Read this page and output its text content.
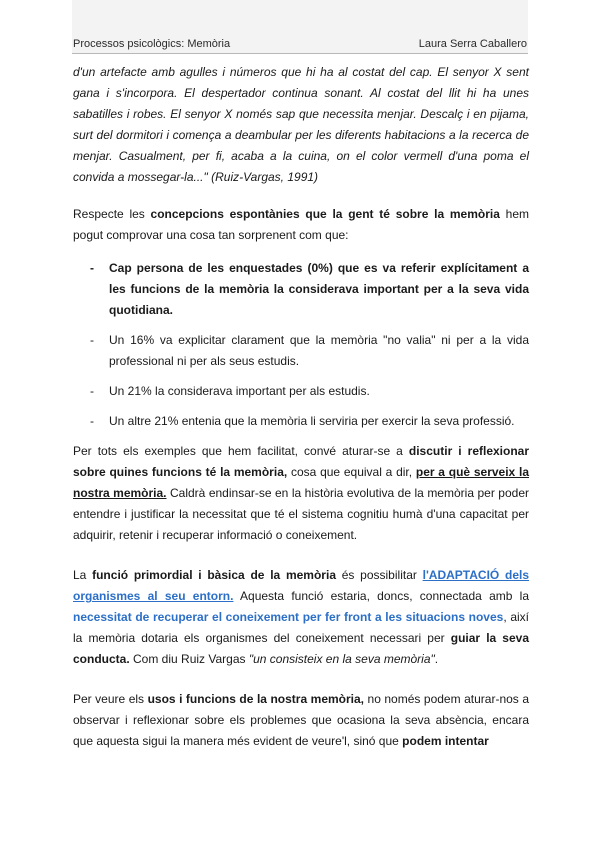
Processos psicològics: Memòria	Laura Serra Caballero

d'un artefacte amb agulles i números que hi ha al costat del cap. El senyor X sent gana i s'incorpora. El despertador continua sonant. Al costat del llit hi ha unes sabatilles i robes. El senyor X només sap que necessita menjar. Descalç i en pijama, surt del dormitori i comença a deambular per les diferents habitacions a la recerca de menjar. Casualment, per fi, acaba a la cuina, on el color vermell d'una poma el convida a mossegar-la..." (Ruiz-Vargas, 1991)

Respecte les concepcions espontànies que la gent té sobre la memòria hem pogut comprovar una cosa tan sorprenent com que:

- Cap persona de les enquestades (0%) que es va referir explícitament a les funcions de la memòria la considerava important per a la seva vida quotidiana.
- Un 16% va explicitar clarament que la memòria "no valia" ni per a la vida professional ni per als seus estudis.
- Un 21% la considerava important per als estudis.
- Un altre 21% entenia que la memòria li serviria per exercir la seva professió.

Per tots els exemples que hem facilitat, convé aturar-se a discutir i reflexionar sobre quines funcions té la memòria, cosa que equival a dir, per a què serveix la nostra memòria. Caldrà endinsar-se en la història evolutiva de la memòria per poder entendre i justificar la necessitat que té el sistema cognitiu humà d'una capacitat per adquirir, retenir i recuperar informació o coneixement.

La funció primordial i bàsica de la memòria és possibilitar l'ADAPTACIÓ dels organismes al seu entorn. Aquesta funció estaria, doncs, connectada amb la necessitat de recuperar el coneixement per fer front a les situacions noves, així la memòria dotaria els organismes del coneixement necessari per guiar la seva conducta. Com diu Ruiz Vargas "un consisteix en la seva memòria".

Per veure els usos i funcions de la nostra memòria, no només podem aturar-nos a observar i reflexionar sobre els problemes que ocasiona la seva absència, encara que aquesta sigui la manera més evident de veure'l, sinó que podem intentar
